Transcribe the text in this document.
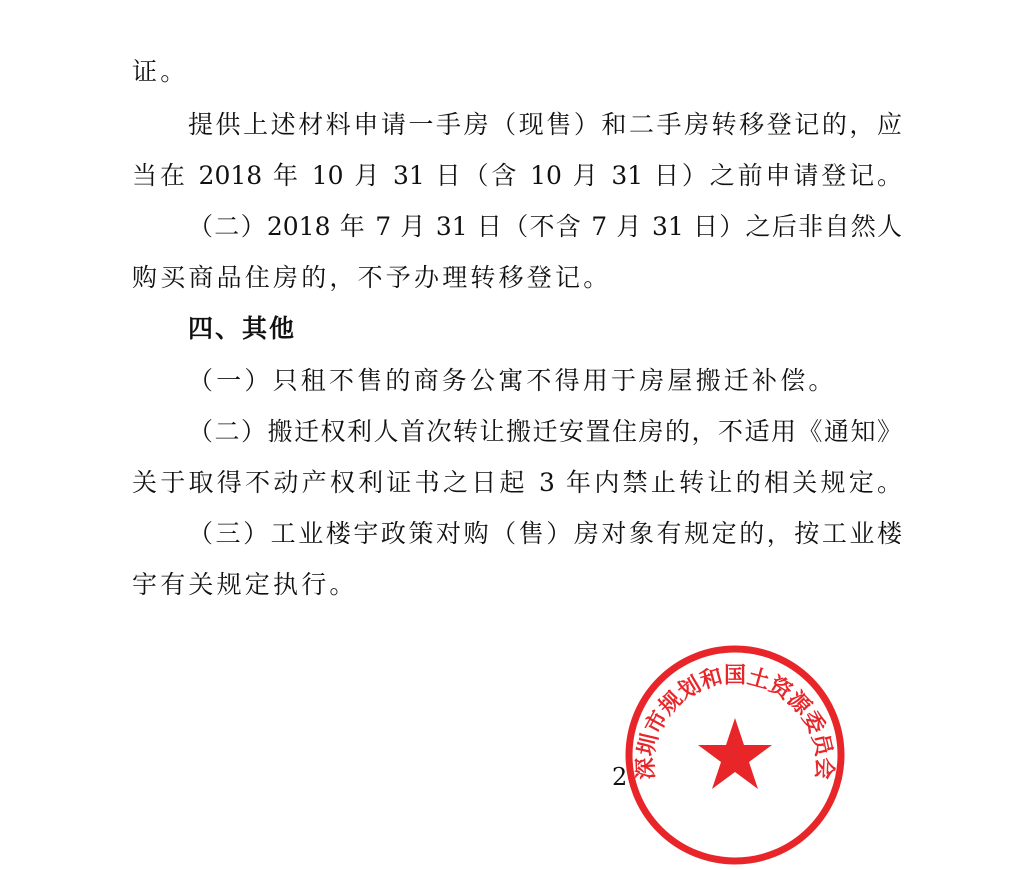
证。
提供上述材料申请一手房（现售）和二手房转移登记的，应
当在 2018 年 10 月 31 日（含 10 月 31 日）之前申请登记。
（二）2018 年 7 月 31 日（不含 7 月 31 日）之后非自然人
购买商品住房的，不予办理转移登记。
四、其他
（一）只租不售的商务公寓不得用于房屋搬迁补偿。
（二）搬迁权利人首次转让搬迁安置住房的，不适用《通知》
关于取得不动产权利证书之日起 3 年内禁止转让的相关规定。
（三）工业楼宇政策对购（售）房对象有规定的，按工业楼
宇有关规定执行。
2 深圳市规划和国土资源委员会
